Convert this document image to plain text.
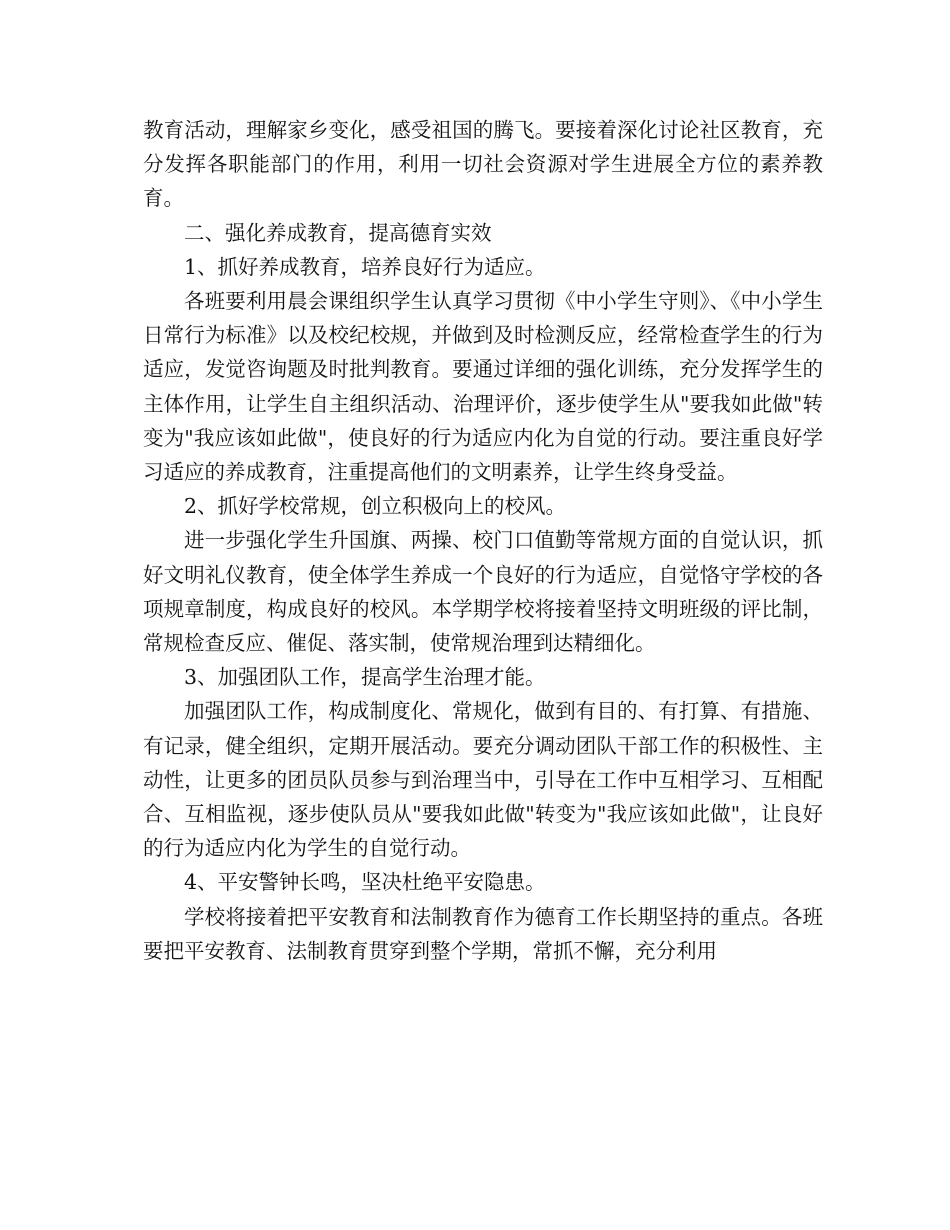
教育活动，理解家乡变化，感受祖国的腾飞。要接着深化讨论社区教育，充分发挥各职能部门的作用，利用一切社会资源对学生进展全方位的素养教育。

二、强化养成教育，提高德育实效

1、抓好养成教育，培养良好行为适应。

各班要利用晨会课组织学生认真学习贯彻《中小学生守则》、《中小学生日常行为标准》以及校纪校规，并做到及时检测反应，经常检查学生的行为适应，发觉咨询题及时批判教育。要通过详细的强化训练，充分发挥学生的主体作用，让学生自主组织活动、治理评价，逐步使学生从"要我如此做"转变为"我应该如此做"，使良好的行为适应内化为自觉的行动。要注重良好学习适应的养成教育，注重提高他们的文明素养，让学生终身受益。

2、抓好学校常规，创立积极向上的校风。

进一步强化学生升国旗、两操、校门口值勤等常规方面的自觉认识，抓好文明礼仪教育，使全体学生养成一个良好的行为适应，自觉恪守学校的各项规章制度，构成良好的校风。本学期学校将接着坚持文明班级的评比制，常规检查反应、催促、落实制，使常规治理到达精细化。

3、加强团队工作，提高学生治理才能。

加强团队工作，构成制度化、常规化，做到有目的、有打算、有措施、有记录，健全组织，定期开展活动。要充分调动团队干部工作的积极性、主动性，让更多的团员队员参与到治理当中，引导在工作中互相学习、互相配合、互相监视，逐步使队员从"要我如此做"转变为"我应该如此做"，让良好的行为适应内化为学生的自觉行动。

4、平安警钟长鸣，坚决杜绝平安隐患。

学校将接着把平安教育和法制教育作为德育工作长期坚持的重点。各班要把平安教育、法制教育贯穿到整个学期，常抓不懈，充分利用
